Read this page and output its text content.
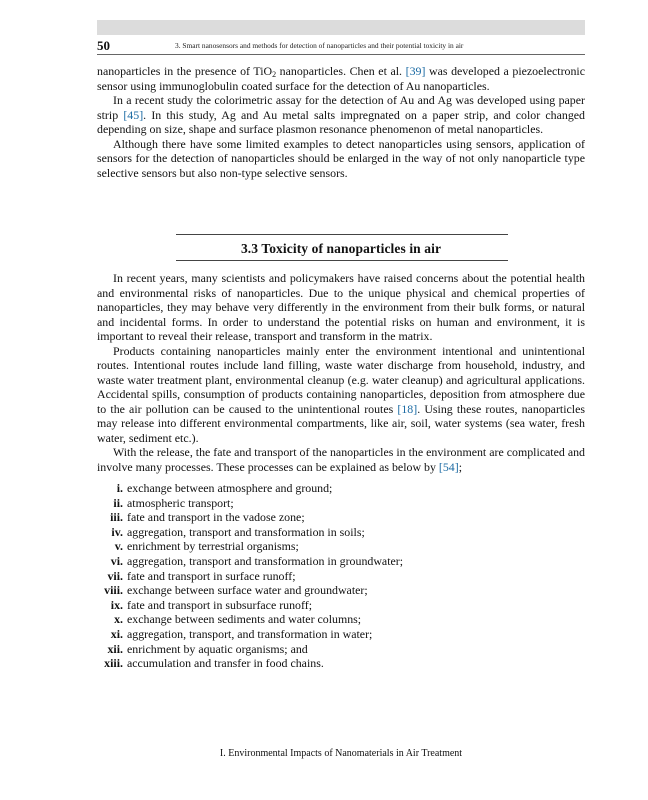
50	3. Smart nanosensors and methods for detection of nanoparticles and their potential toxicity in air

nanoparticles in the presence of TiO$_2$ nanoparticles. Chen et al. [39] was developed a piezoelectronic sensor using immunoglobulin coated surface for the detection of Au nanoparticles.

In a recent study the colorimetric assay for the detection of Au and Ag was developed using paper strip [45]. In this study, Ag and Au metal salts impregnated on a paper strip, and color changed depending on size, shape and surface plasmon resonance phenomenon of metal nanoparticles.

Although there have some limited examples to detect nanoparticles using sensors, application of sensors for the detection of nanoparticles should be enlarged in the way of not only nanoparticle type selective sensors but also non-type selective sensors.

3.3 Toxicity of nanoparticles in air

In recent years, many scientists and policymakers have raised concerns about the potential health and environmental risks of nanoparticles. Due to the unique physical and chemical properties of nanoparticles, they may behave very differently in the environment from their bulk forms, or natural and incidental forms. In order to understand the potential risks on human and environment, it is important to reveal their release, transport and transform in the matrix.

Products containing nanoparticles mainly enter the environment intentional and unintentional routes. Intentional routes include land filling, waste water discharge from household, industry, and waste water treatment plant, environmental cleanup (e.g. water cleanup) and agricultural applications. Accidental spills, consumption of products containing nanoparticles, deposition from atmosphere due to the air pollution can be caused to the unintentional routes [18]. Using these routes, nanoparticles may release into different environmental compartments, like air, soil, water systems (sea water, fresh water, sediment etc.).

With the release, the fate and transport of the nanoparticles in the environment are complicated and involve many processes. These processes can be explained as below by [54];

i. exchange between atmosphere and ground;
ii. atmospheric transport;
iii. fate and transport in the vadose zone;
iv. aggregation, transport and transformation in soils;
v. enrichment by terrestrial organisms;
vi. aggregation, transport and transformation in groundwater;
vii. fate and transport in surface runoff;
viii. exchange between surface water and groundwater;
ix. fate and transport in subsurface runoff;
x. exchange between sediments and water columns;
xi. aggregation, transport, and transformation in water;
xii. enrichment by aquatic organisms; and
xiii. accumulation and transfer in food chains.
I. Environmental Impacts of Nanomaterials in Air Treatment
